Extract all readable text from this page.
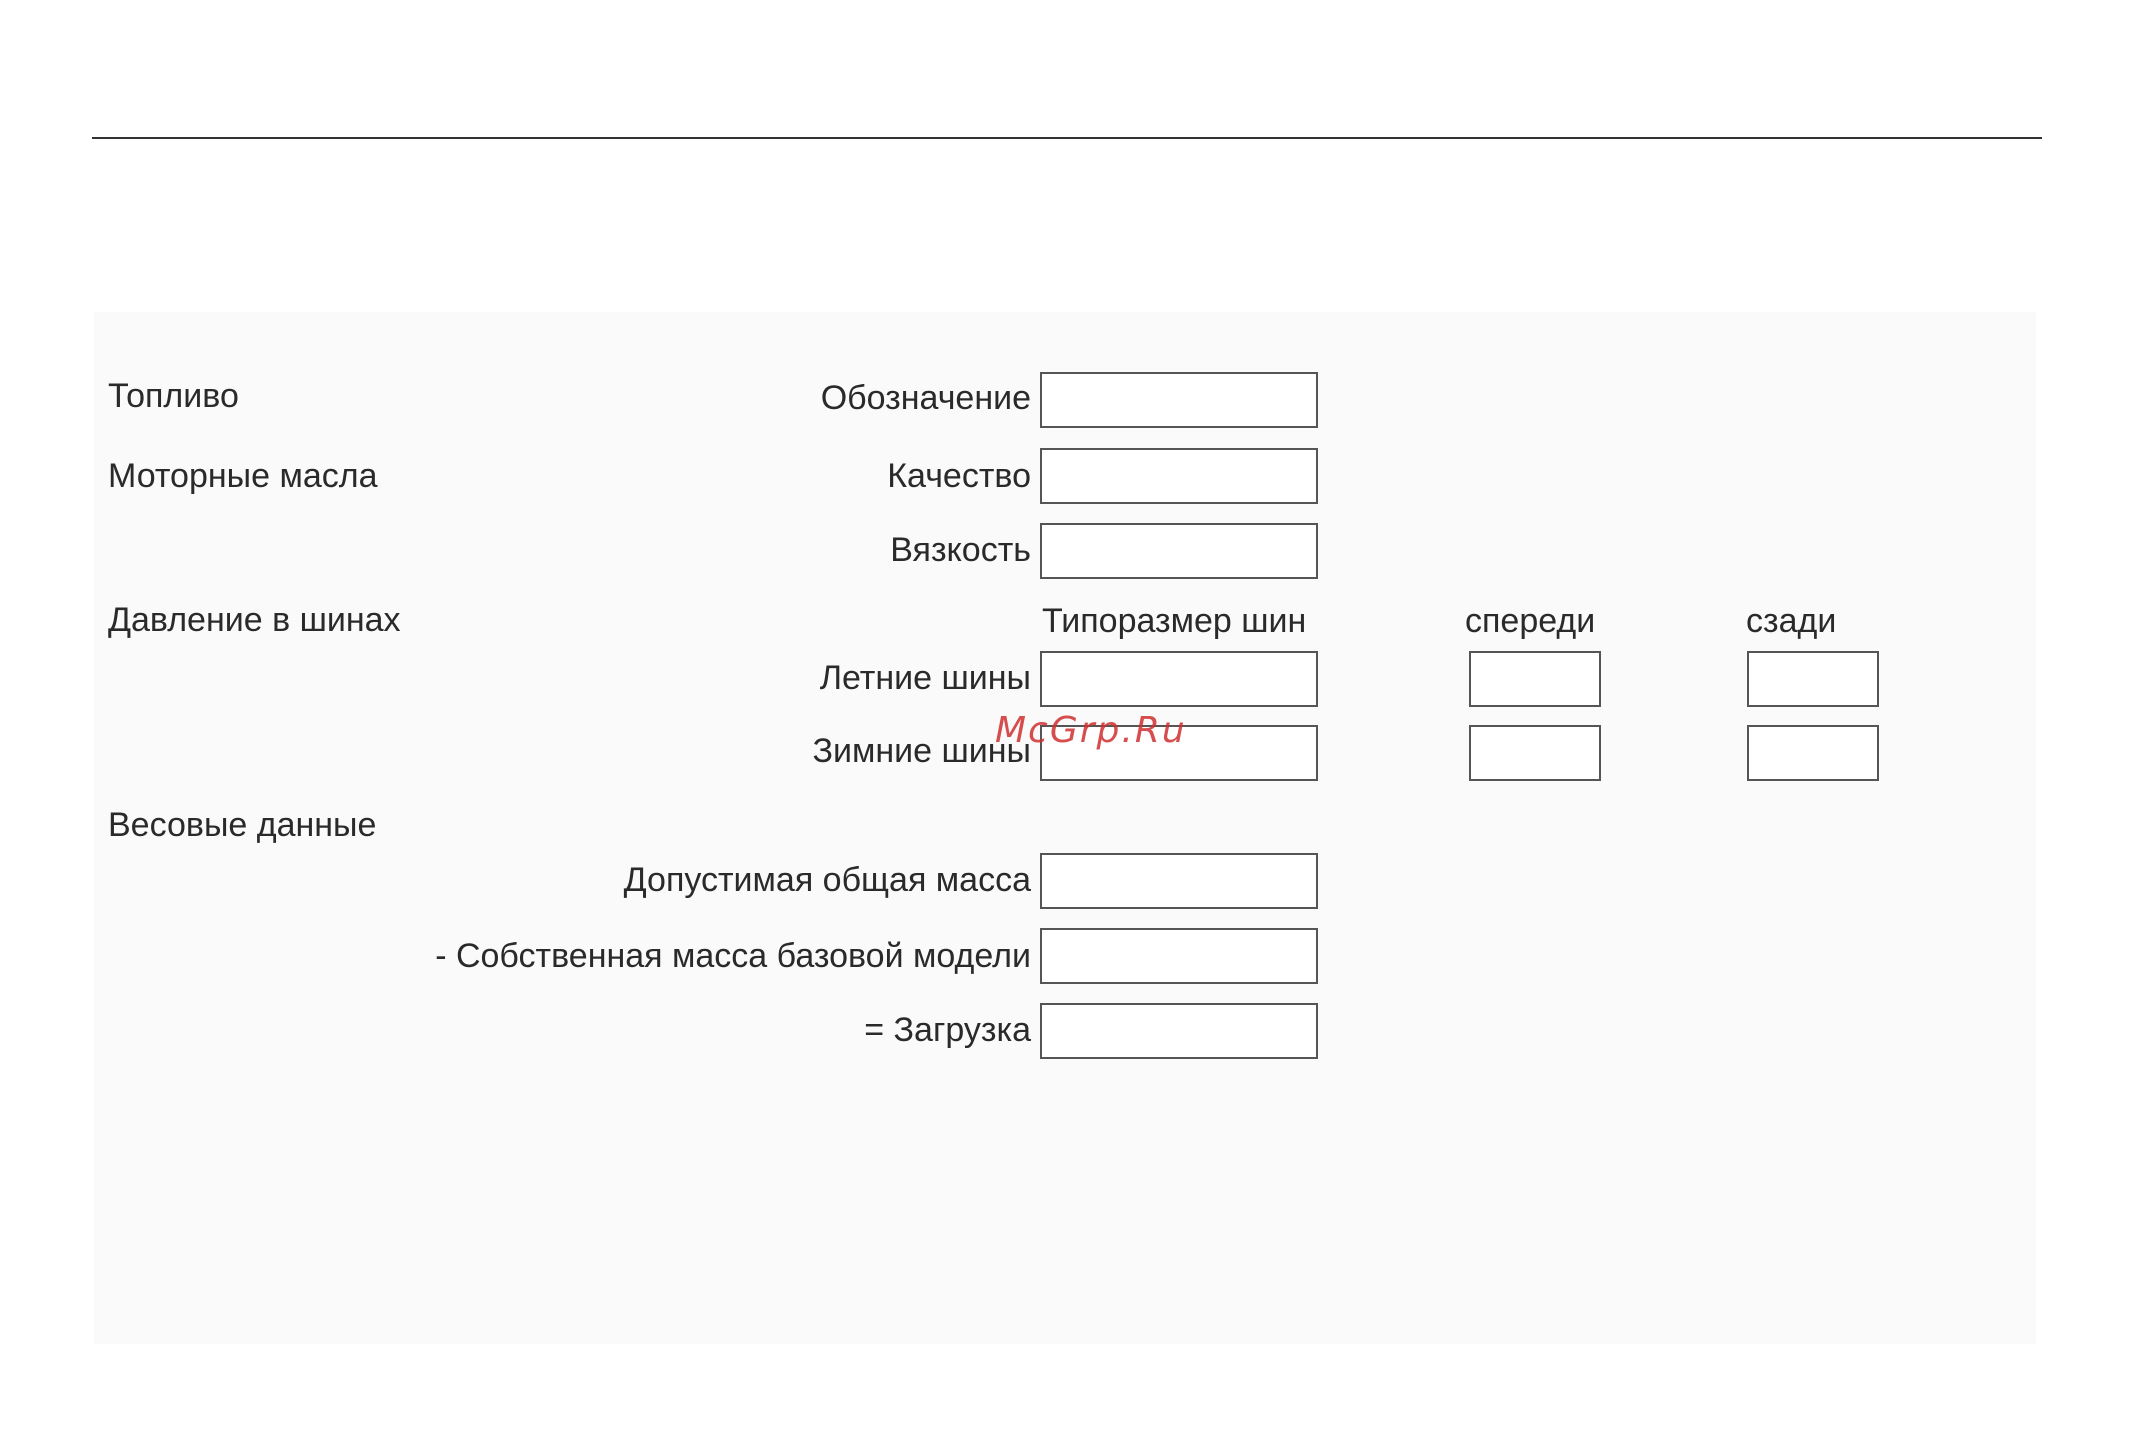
Топливо	Обозначение
Моторные масла	Качество
Вязкость
Давление в шинах	Типоразмер шин	спереди	сзади
Летние шины
Зимние шины
Весовые данные
Допустимая общая масса
- Собственная масса базовой модели
= Загрузка
McGrp.Ru
